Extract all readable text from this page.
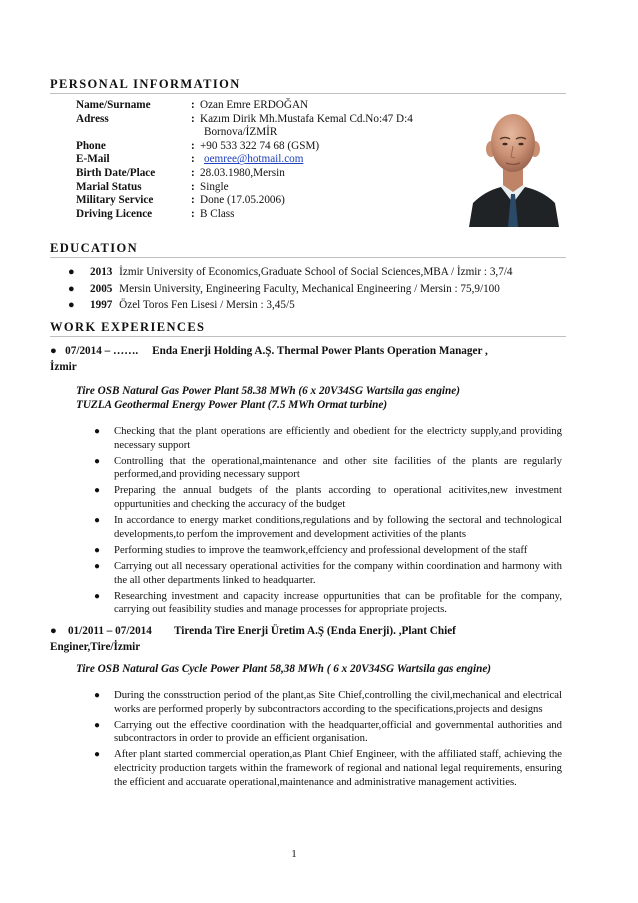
PERSONAL INFORMATION
Name/Surname	:	Ozan Emre ERDOĞAN
Adress	:	Kazım Dirik Mh.Mustafa Kemal Cd.No:47 D:4
		Bornova/İZMİR
Phone	:	+90 533 322 74 68 (GSM)
E-Mail	:	oemree@hotmail.com
Birth Date/Place	:	28.03.1980,Mersin
Marial Status	:	Single
Military Service	:	Done (17.05.2006)
Driving Licence	:	B Class
EDUCATION
● 2013 İzmir University of Economics,Graduate School of Social Sciences,MBA / İzmir : 3,7/4
● 2005 Mersin University, Engineering Faculty, Mechanical Engineering / Mersin : 75,9/100
● 1997 Özel Toros Fen Lisesi / Mersin : 3,45/5
WORK EXPERIENCES
●   07/2014 – …….     Enda Enerji Holding A.Ş. Thermal Power Plants Operation Manager ,
İzmir
Tire OSB Natural Gas Power Plant 58.38 MWh (6 x 20V34SG Wartsila gas engine)
TUZLA Geothermal Energy Power Plant (7.5 MWh Ormat turbine)
● Checking that the plant operations are efficiently and obedient for the electricty supply,and providing necessary support
● Controlling that the operational,maintenance and other site facilities of the plants are regularly performed,and providing necessary support
● Preparing the annual budgets of the plants according to operational acitivites,new investment oppurtunities and checking the accuracy of the budget
● In accordance to energy market conditions,regulations and by following the sectoral and technological developments,to perfom the improvement and development activities of the plants
● Performing studies to improve the teamwork,effciency and professional development of the staff
● Carrying out all necessary operational activities for the company within coordination and harmony with the all other departments linked to headquarter.
● Researching investment and capacity increase oppurtunities that can be profitable for the company, carrying out feasibility studies and manage processes for appropriate projects.
●    01/2011 – 07/2014        Tirenda Tire Enerji Üretim A.Ş (Enda Enerji). ,Plant Chief
Enginer,Tire/İzmir
Tire OSB Natural Gas Cycle Power Plant 58,38 MWh ( 6 x 20V34SG Wartsila gas engine)
● During the consstruction period of the plant,as Site Chief,controlling the civil,mechanical and electrical works are performed properly by subcontractors according to the specifications,projects and designs
● Carrying out the effective coordination with the headquarter,official and governmental authorities and subcontractors in order to provide an efficient organisation.
● After plant started commercial operation,as Plant Chief Engineer, with the affiliated staff, achieving the electricity production targets within the framework of regional and national legal requirements, ensuring the efficient and accuarate operational,maintenance and administrative management activities.
1
